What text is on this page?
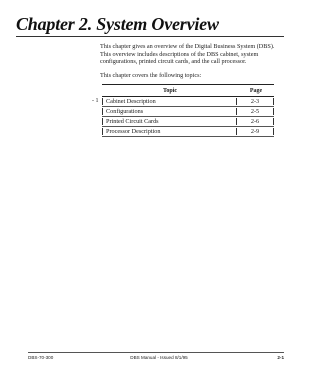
Chapter 2. System Overview

This chapter gives an overview of the Digital Business System (DBS). This overview includes descriptions of the DBS cabinet, system configurations, printed circuit cards, and the call processor.

This chapter covers the following topics:

Topic	Page
- 1	Cabinet Description	2-3
Configurations	2-5
Printed Circuit Cards	2-6
Processor Description	2-9
DBS-70-300	DBS Manual - Issued 8/1/95	2-1
